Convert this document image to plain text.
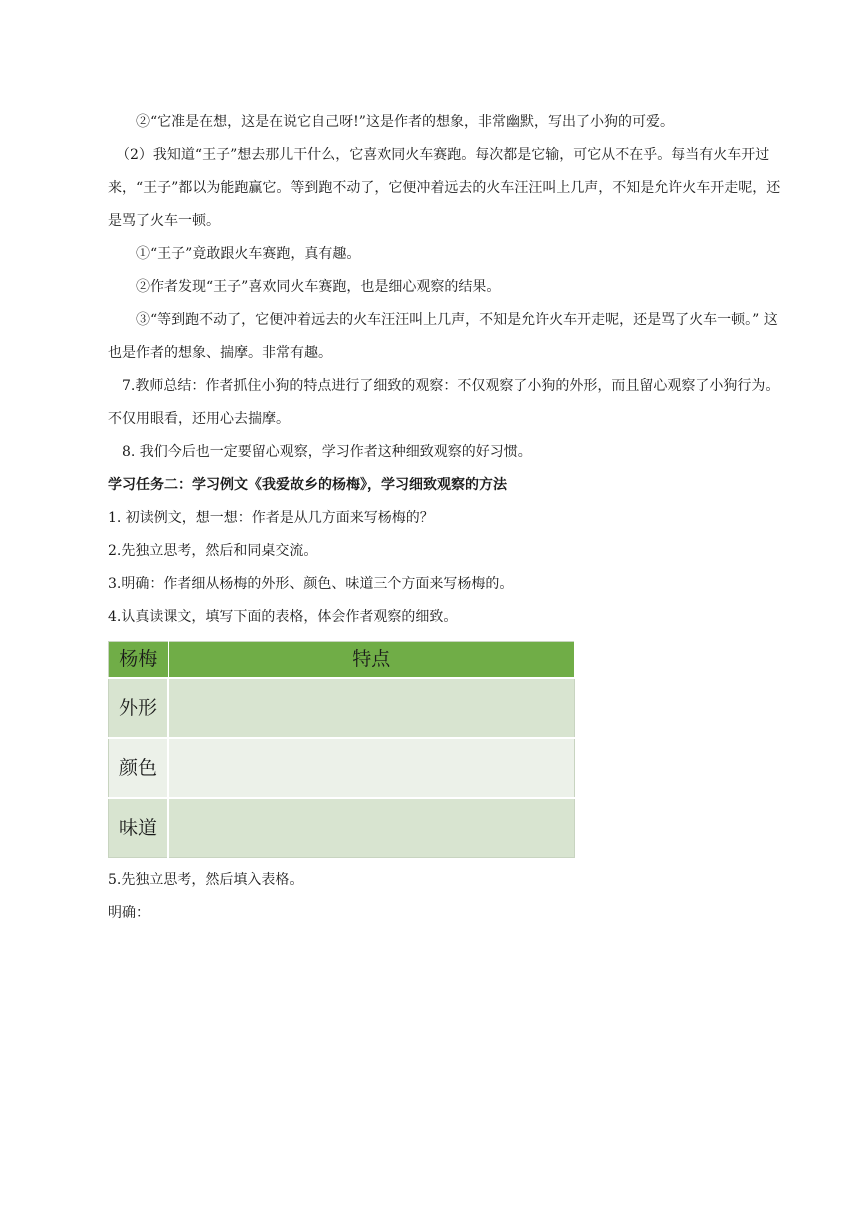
②“它准是在想，这是在说它自己呀!”这是作者的想象，非常幽默，写出了小狗的可爱。

（2）我知道“王子”想去那儿干什么，它喜欢同火车赛跑。每次都是它输，可它从不在乎。每当有火车开过来，“王子”都以为能跑赢它。等到跑不动了，它便冲着远去的火车汪汪叫上几声，不知是允许火车开走呢，还是骂了火车一顿。

①“王子”竟敢跟火车赛跑，真有趣。

②作者发现“王子”喜欢同火车赛跑，也是细心观察的结果。

③“等到跑不动了，它便冲着远去的火车汪汪叫上几声，不知是允许火车开走呢，还是骂了火车一顿。” 这也是作者的想象、揣摩。非常有趣。

7.教师总结：作者抓住小狗的特点进行了细致的观察：不仅观察了小狗的外形，而且留心观察了小狗行为。不仅用眼看，还用心去揣摩。

8. 我们今后也一定要留心观察，学习作者这种细致观察的好习惯。

学习任务二：学习例文《我爱故乡的杨梅》，学习细致观察的方法

1. 初读例文，想一想：作者是从几方面来写杨梅的？

2.先独立思考，然后和同桌交流。

3.明确：作者细从杨梅的外形、颜色、味道三个方面来写杨梅的。

4.认真读课文，填写下面的表格，体会作者观察的细致。

杨梅	特点
外形	
颜色	
味道	

5.先独立思考，然后填入表格。

明确：
